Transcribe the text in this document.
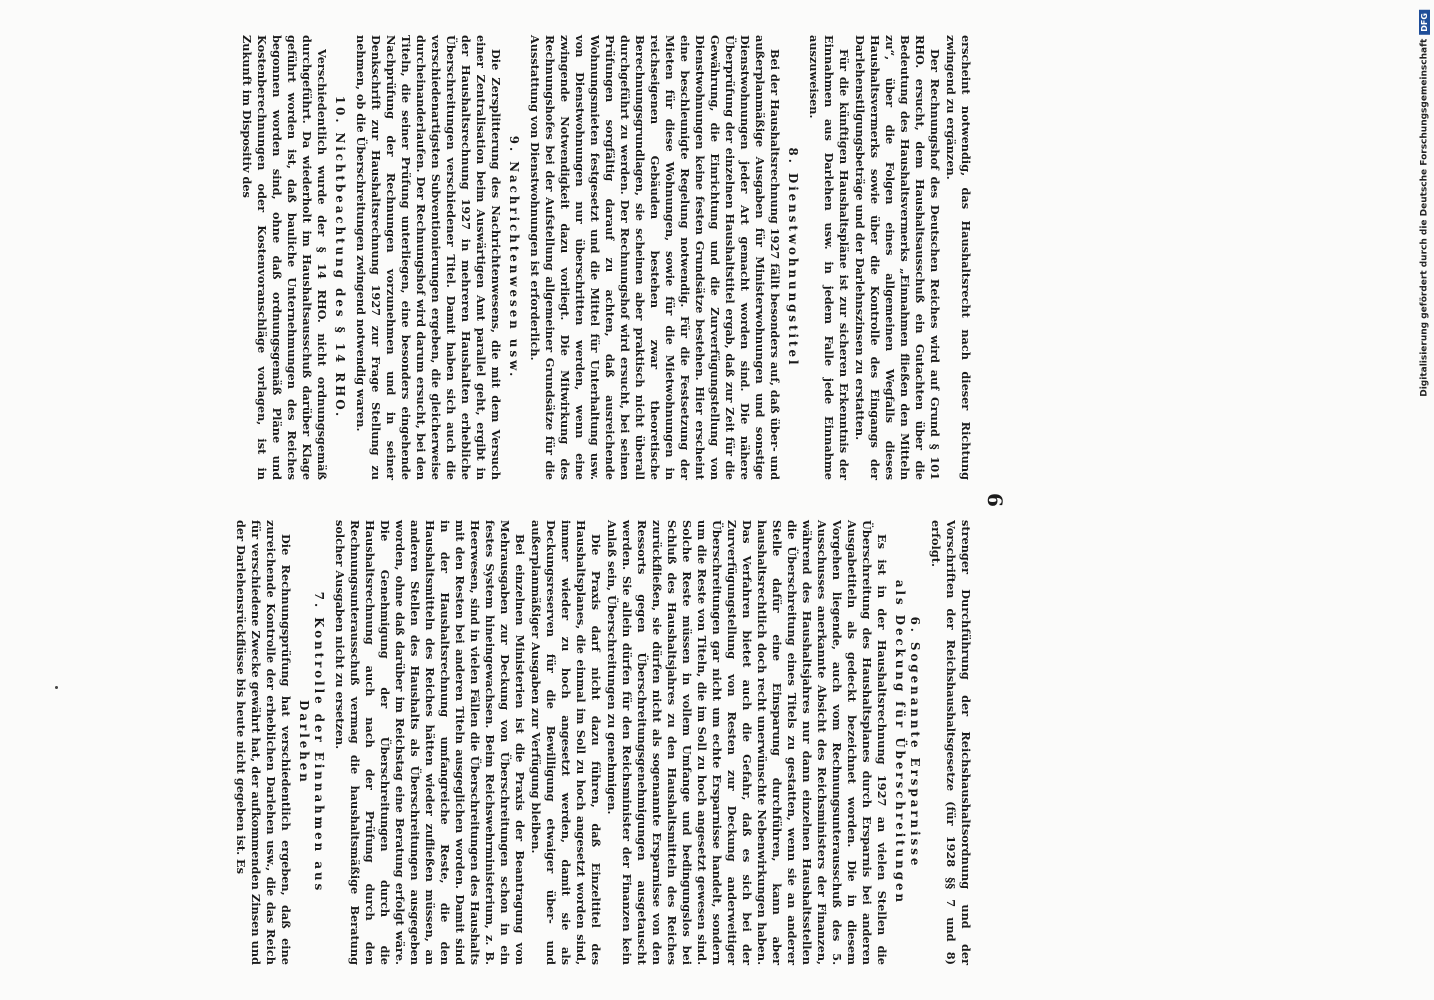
6

erscheint notwendig, das Haushaltsrecht nach dieser Richtung zwingend zu ergänzen.

Der Rechnungshof des Deutschen Reiches wird auf Grund § 101 RHO. ersucht, dem Haushaltsausschuß ein Gutachten über die Bedeutung des Haushaltsvermerks „Einnahmen fließen den Mitteln zu“, über die Folgen eines allgemeinen Wegfalls dieses Haushaltsvermerks sowie über die Kontrolle des Eingangs der Darlehenstilgungsbeträge und der Darlehnszinsen zu erstatten.

Für die künftigen Haushaltspläne ist zur sicheren Erkenntnis der Einnahmen aus Darlehen usw. in jedem Falle jede Einnahme auszuweisen.

8. Dienstwohnungstitel

Bei der Haushaltsrechnung 1927 fällt besonders auf, daß über- und außerplanmäßige Ausgaben für Ministerwohnungen und sonstige Dienstwohnungen jeder Art gemacht worden sind. Die nähere Überprüfung der einzelnen Haushaltstitel ergab, daß zur Zeit für die Gewährung, die Einrichtung und die Zurverfügungstellung von Dienstwohnungen keine festen Grundsätze bestehen. Hier erscheint eine beschleunigte Regelung notwendig. Für die Festsetzung der Mieten für diese Wohnungen, sowie für die Mietwohnungen in reichseigenen Gebäuden bestehen zwar theoretische Berechnungsgrundlagen, sie scheinen aber praktisch nicht überall durchgeführt zu werden. Der Rechnungshof wird ersucht, bei seinen Prüfungen sorgfältig darauf zu achten, daß ausreichende Wohnungsmieten festgesetzt und die Mittel für Unterhaltung usw. von Dienstwohnungen nur überschritten werden, wenn eine zwingende Notwendigkeit dazu vorliegt. Die Mitwirkung des Rechnungshofes bei der Aufstellung allgemeiner Grundsätze für die Ausstattung von Dienstwohnungen ist erforderlich.

9. Nachrichtenwesen usw.

Die Zersplitterung des Nachrichtenwesens, die mit dem Versuch einer Zentralisation beim Auswärtigen Amt parallel geht, ergibt in der Haushaltsrechnung 1927 in mehreren Haushalten erhebliche Überschreitungen verschiedener Titel. Damit haben sich auch die verschiedenartigsten Subventionierungen ergeben, die gleicherweise durcheinanderlaufen. Der Rechnungshof wird darum ersucht, bei den Titeln, die seiner Prüfung unterliegen, eine besonders eingehende Nachprüfung der Rechnungen vorzunehmen und in seiner Denkschrift zur Haushaltsrechnung 1927 zur Frage Stellung zu nehmen, ob die Überschreitungen zwingend notwendig waren.

10. Nichtbeachtung des § 14 RHO.

Verschiedentlich wurde der § 14 RHO. nicht ordnungsgemäß durchgeführt. Da wiederholt im Haushaltsausschuß darüber Klage geführt worden ist, daß bauliche Unternehmungen des Reiches begonnen worden sind, ohne daß ordnungsgemäß Pläne und Kostenberechnungen oder Kostenvoranschläge vorlagen, ist in Zukunft im Dispositiv des

strenger Durchführung der Reichshaushaltsordnung und der Vorschriften der Reichshaushaltsgesetze (für 1928 §§ 7 und 8) erfolgt.

6. Sogenannte Ersparnisse
als Deckung für Überschreitungen

Es ist in der Haushaltsrechnung 1927 an vielen Stellen die Überschreitung des Haushaltsplanes durch Ersparnis bei anderen Ausgabetiteln als gedeckt bezeichnet worden. Die in diesem Vorgehen liegende, auch vom Rechnungsunterausschuß des 5. Ausschusses anerkannte Absicht des Reichsministers der Finanzen, während des Haushaltsjahres nur dann einzelnen Haushaltsstellen die Überschreitung eines Titels zu gestatten, wenn sie an anderer Stelle dafür eine Einsparung durchführen, kann aber haushaltsrechtlich doch recht unerwünschte Nebenwirkungen haben. Das Verfahren bietet auch die Gefahr, daß es sich bei der Zurverfügungstellung von Resten zur Deckung anderweitiger Überschreitungen gar nicht um echte Ersparnisse handelt, sondern um die Reste von Titeln, die im Soll zu hoch angesetzt gewesen sind. Solche Reste müssen in vollem Umfange und bedingungslos bei Schluß des Haushaltsjahres zu den Haushaltsmitteln des Reiches zurückfließen, sie dürfen nicht als sogenannte Ersparnisse von den Ressorts gegen Überschreitungsgenehmigungen ausgetauscht werden. Sie allein dürfen für den Reichsminister der Finanzen kein Anlaß sein, Überschreitungen zu genehmigen.

Die Praxis darf nicht dazu führen, daß Einzeltitel des Haushaltsplanes, die einmal im Soll zu hoch angesetzt worden sind, immer wieder zu hoch angesetzt werden, damit sie als Deckungsreserven für die Bewilligung etwaiger über- und außerplanmäßiger Ausgaben zur Verfügung bleiben.

Bei einzelnen Ministerien ist die Praxis der Beantragung von Mehrausgaben zur Deckung von Überschreitungen schon in ein festes System hineingewachsen. Beim Reichswehrministerium, z. B. Heerwesen, sind in vielen Fällen die Überschreitungen des Haushalts mit den Resten bei anderen Titeln ausgeglichen worden. Damit sind in der Haushaltsrechnung umfangreiche Reste, die den Haushaltsmitteln des Reiches hätten wieder zufließen müssen, an anderen Stellen des Haushalts als Überschreitungen ausgegeben worden, ohne daß darüber im Reichstag eine Beratung erfolgt wäre. Die Genehmigung der Überschreitungen durch die Haushaltsrechnung auch nach der Prüfung durch den Rechnungsunterausschuß vermag die haushaltsmäßige Beratung solcher Ausgaben nicht zu ersetzen.

7. Kontrolle der Einnahmen aus
Darlehen

Die Rechnungsprüfung hat verschiedentlich ergeben, daß eine zureichende Kontrolle der erheblichen Darlehen usw., die das Reich für verschiedene Zwecke gewährt hat, der aufkommenden Zinsen und der Darlehensrückflüsse bis heute nicht gegeben ist. Es

Digitalisierung gefördert durch die Deutsche Forschungsgemeinschaft
DFG
